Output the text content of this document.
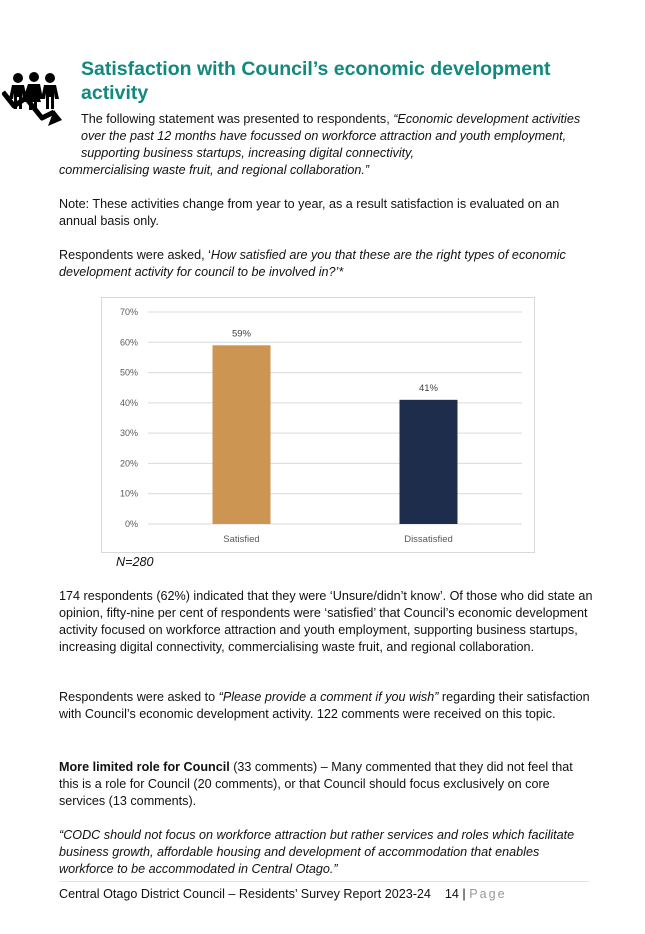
Satisfaction with Council’s economic development activity

The following statement was presented to respondents, “Economic development activities over the past 12 months have focussed on workforce attraction and youth employment, supporting business startups, increasing digital connectivity,
commercialising waste fruit, and regional collaboration.”

Note: These activities change from year to year, as a result satisfaction is evaluated on an annual basis only.

Respondents were asked, ‘How satisfied are you that these are the right types of economic development activity for council to be involved in?’*

0%
10%
20%
30%
40%
50%
60%
70%
59%
Satisfied
41%
Dissatisfied
N=280

174 respondents (62%) indicated that they were ‘Unsure/didn’t know’. Of those who did state an opinion, fifty-nine per cent of respondents were ‘satisfied’ that Council’s economic development activity focused on workforce attraction and youth employment, supporting business startups, increasing digital connectivity, commercialising waste fruit, and regional collaboration.

Respondents were asked to “Please provide a comment if you wish” regarding their satisfaction with Council’s economic development activity. 122 comments were received on this topic.

More limited role for Council (33 comments) – Many commented that they did not feel that this is a role for Council (20 comments), or that Council should focus exclusively on core services (13 comments).

“CODC should not focus on workforce attraction but rather services and roles which facilitate business growth, affordable housing and development of accommodation that enables workforce to be accommodated in Central Otago.”

Central Otago District Council – Residents’ Survey Report 2023-24 14 | Page
